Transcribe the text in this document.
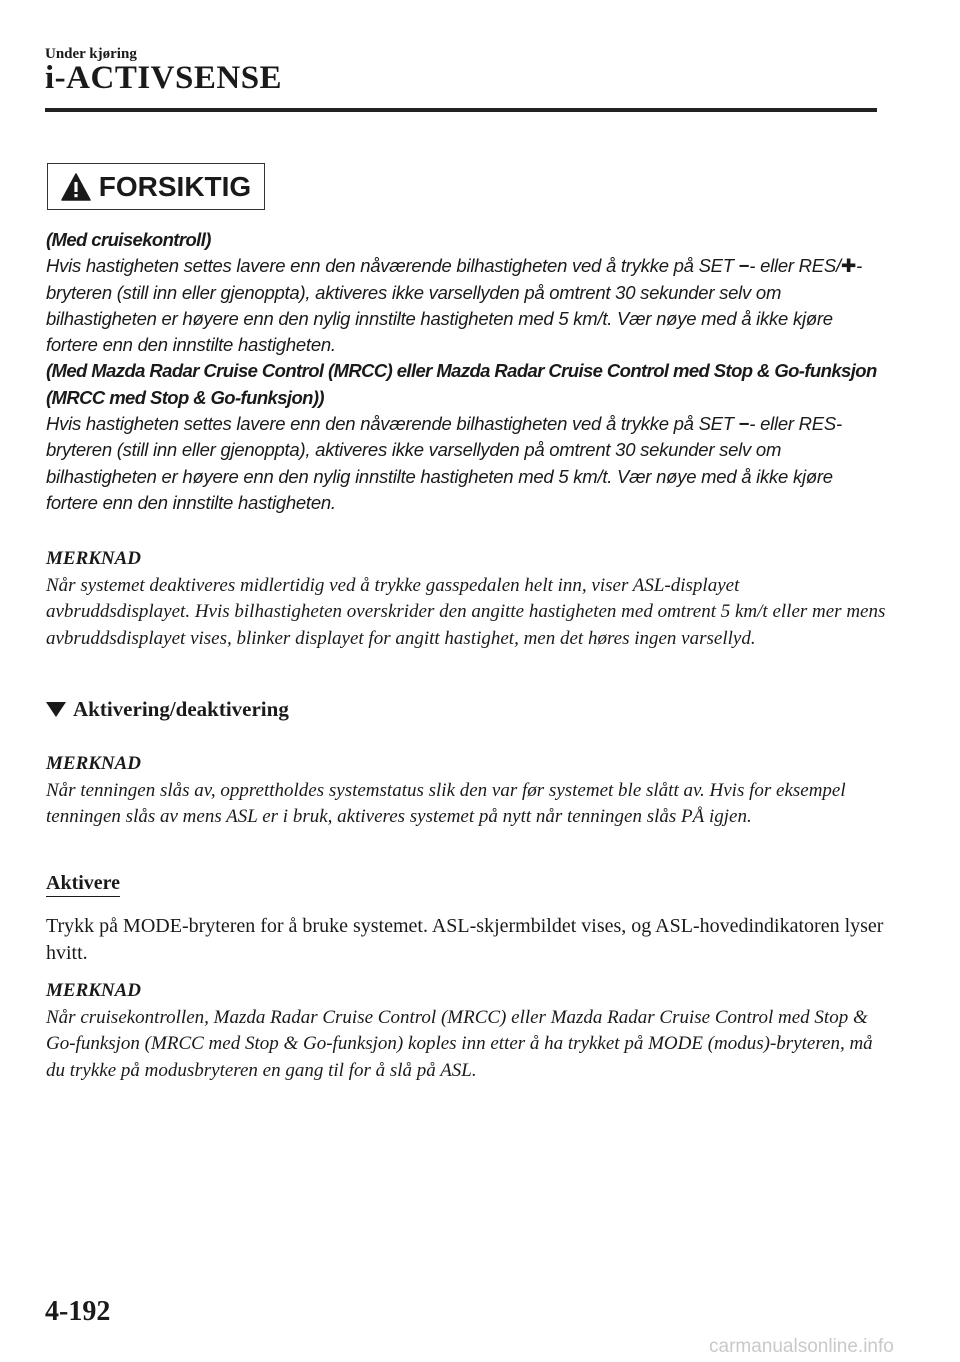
Under kjøring
i-ACTIVSENSE
FORSIKTIG

(Med cruisekontroll)

Hvis hastigheten settes lavere enn den nåværende bilhastigheten ved å trykke på SET −- eller RES/✚-bryteren (still inn eller gjenoppta), aktiveres ikke varsellyden på omtrent 30 sekunder selv om bilhastigheten er høyere enn den nylig innstilte hastigheten med 5 km/t. Vær nøye med å ikke kjøre fortere enn den innstilte hastigheten.

(Med Mazda Radar Cruise Control (MRCC) eller Mazda Radar Cruise Control med Stop & Go-funksjon (MRCC med Stop & Go-funksjon))

Hvis hastigheten settes lavere enn den nåværende bilhastigheten ved å trykke på SET −- eller RES-bryteren (still inn eller gjenoppta), aktiveres ikke varsellyden på omtrent 30 sekunder selv om bilhastigheten er høyere enn den nylig innstilte hastigheten med 5 km/t. Vær nøye med å ikke kjøre fortere enn den innstilte hastigheten.

MERKNAD

Når systemet deaktiveres midlertidig ved å trykke gasspedalen helt inn, viser ASL-displayet avbruddsdisplayet. Hvis bilhastigheten overskrider den angitte hastigheten med omtrent 5 km/t eller mer mens avbruddsdisplayet vises, blinker displayet for angitt hastighet, men det høres ingen varsellyd.

Aktivering/deaktivering

MERKNAD

Når tenningen slås av, opprettholdes systemstatus slik den var før systemet ble slått av. Hvis for eksempel tenningen slås av mens ASL er i bruk, aktiveres systemet på nytt når tenningen slås PÅ igjen.

Aktivere

Trykk på MODE-bryteren for å bruke systemet. ASL-skjermbildet vises, og ASL-hovedindikatoren lyser hvitt.

MERKNAD

Når cruisekontrollen, Mazda Radar Cruise Control (MRCC) eller Mazda Radar Cruise Control med Stop & Go-funksjon (MRCC med Stop & Go-funksjon) koples inn etter å ha trykket på MODE (modus)-bryteren, må du trykke på modusbryteren en gang til for å slå på ASL.

4-192
carmanualsonline.info
